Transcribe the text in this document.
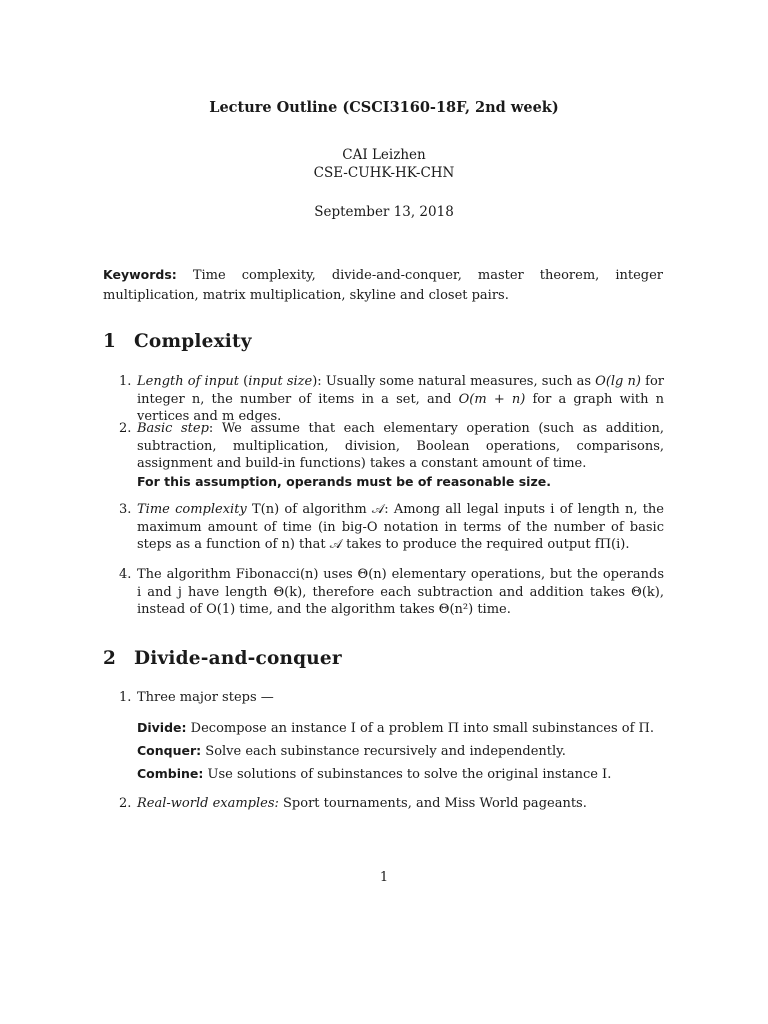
Lecture Outline (CSCI3160-18F, 2nd week)
CAI Leizhen
CSE-CUHK-HK-CHN
September 13, 2018
Keywords: Time complexity, divide-and-conquer, master theorem, integer multiplication, matrix multiplication, skyline and closet pairs.
1 Complexity
1. Length of input (input size): Usually some natural measures, such as O(lg n) for integer n, the number of items in a set, and O(m + n) for a graph with n vertices and m edges.
2. Basic step: We assume that each elementary operation (such as addition, subtraction, multiplication, division, Boolean operations, comparisons, assignment and build-in functions) takes a constant amount of time.
For this assumption, operands must be of reasonable size.
3. Time complexity T(n) of algorithm 𝒜: Among all legal inputs i of length n, the maximum amount of time (in big-O notation in terms of the number of basic steps as a function of n) that 𝒜 takes to produce the required output fΠ(i).
4. The algorithm Fibonacci(n) uses Θ(n) elementary operations, but the operands i and j have length Θ(k), therefore each subtraction and addition takes Θ(k), instead of O(1) time, and the algorithm takes Θ(n²) time.
2 Divide-and-conquer
1. Three major steps —
Divide: Decompose an instance I of a problem Π into small subinstances of Π.
Conquer: Solve each subinstance recursively and independently.
Combine: Use solutions of subinstances to solve the original instance I.
2. Real-world examples: Sport tournaments, and Miss World pageants.
1
